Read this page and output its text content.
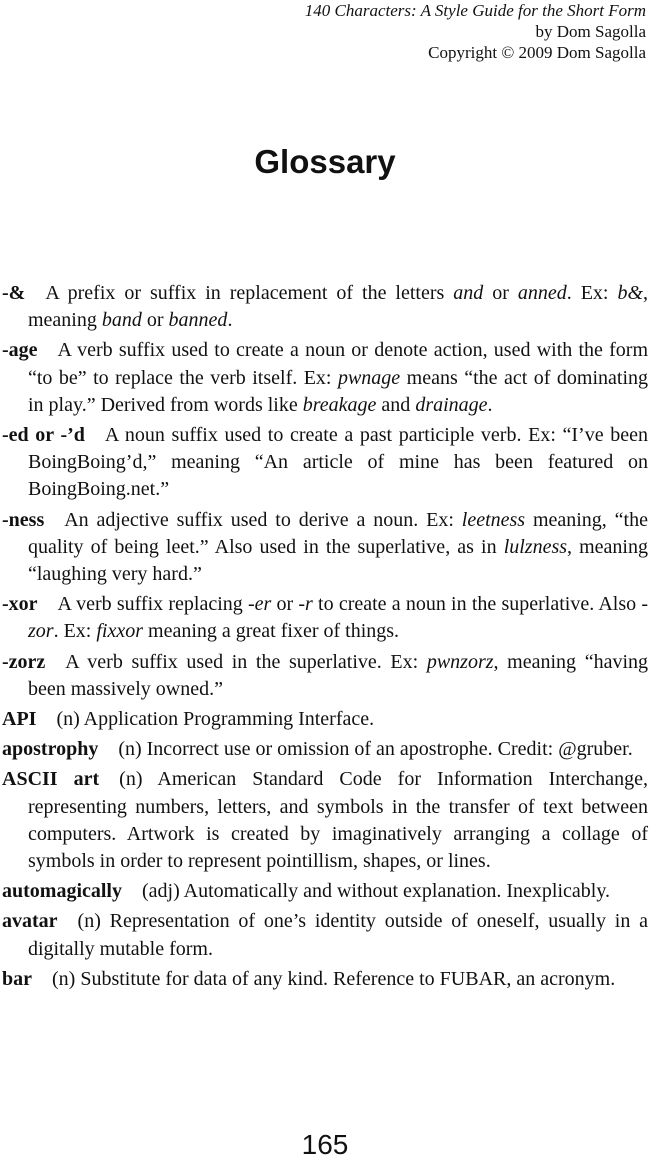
140 Characters: A Style Guide for the Short Form
by Dom Sagolla
Copyright © 2009 Dom Sagolla
Glossary
-&  A prefix or suffix in replacement of the letters and or anned. Ex: b&, meaning band or banned.
-age  A verb suffix used to create a noun or denote action, used with the form “to be” to replace the verb itself. Ex: pwnage means “the act of dominating in play.” Derived from words like breakage and drainage.
-ed or -’d  A noun suffix used to create a past participle verb. Ex: “I’ve been BoingBoing’d,” meaning “An article of mine has been featured on BoingBoing.net.”
-ness  An adjective suffix used to derive a noun. Ex: leetness meaning, “the quality of being leet.” Also used in the superlative, as in lulzness, meaning “laughing very hard.”
-xor  A verb suffix replacing -er or -r to create a noun in the superlative. Also -zor. Ex: fixxor meaning a great fixer of things.
-zorz  A verb suffix used in the superlative. Ex: pwnzorz, meaning “having been massively owned.”
API  (n) Application Programming Interface.
apostrophy  (n) Incorrect use or omission of an apostrophe. Credit: @gruber.
ASCII art  (n) American Standard Code for Information Interchange, representing numbers, letters, and symbols in the transfer of text between computers. Artwork is created by imaginatively arranging a collage of symbols in order to represent pointillism, shapes, or lines.
automagically  (adj) Automatically and without explanation. Inexplicably.
avatar  (n) Representation of one’s identity outside of oneself, usually in a digitally mutable form.
bar  (n) Substitute for data of any kind. Reference to FUBAR, an acronym.
165
